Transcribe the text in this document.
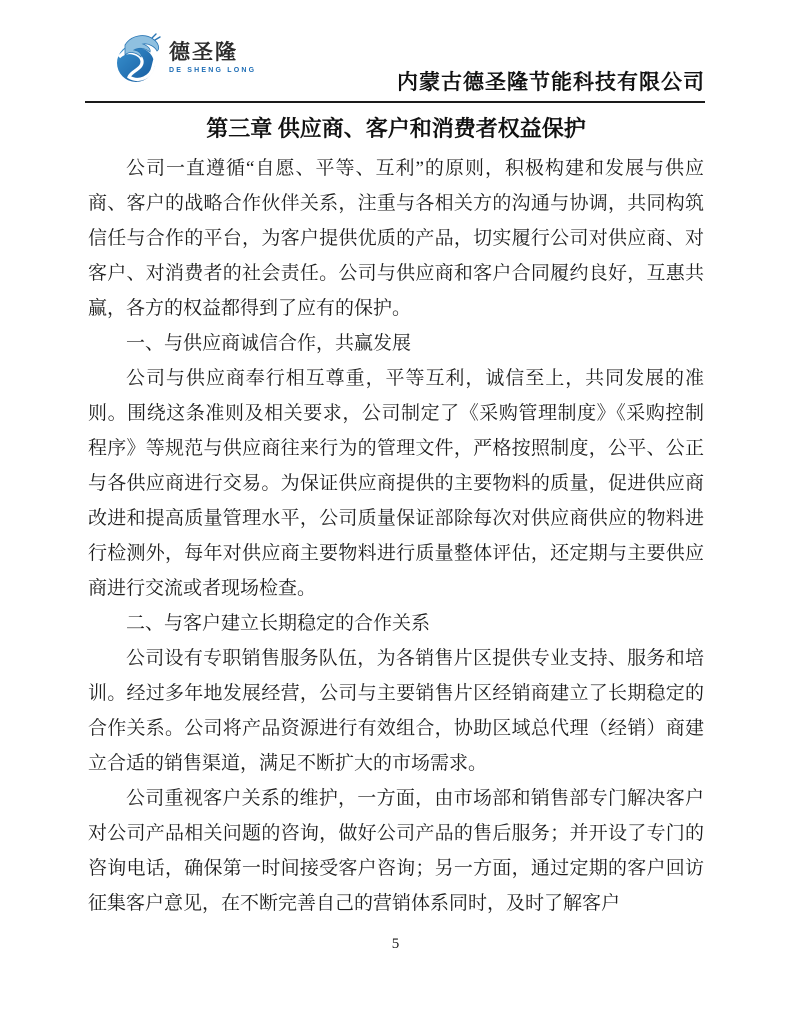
德圣隆
DE SHENG LONG	内蒙古德圣隆节能科技有限公司
第三章 供应商、客户和消费者权益保护

公司一直遵循“自愿、平等、互利”的原则，积极构建和发展与供应商、客户的战略合作伙伴关系，注重与各相关方的沟通与协调，共同构筑信任与合作的平台，为客户提供优质的产品，切实履行公司对供应商、对客户、对消费者的社会责任。公司与供应商和客户合同履约良好，互惠共赢，各方的权益都得到了应有的保护。

一、与供应商诚信合作，共赢发展

公司与供应商奉行相互尊重，平等互利，诚信至上，共同发展的准则。围绕这条准则及相关要求，公司制定了《采购管理制度》《采购控制程序》等规范与供应商往来行为的管理文件，严格按照制度，公平、公正与各供应商进行交易。为保证供应商提供的主要物料的质量，促进供应商改进和提高质量管理水平，公司质量保证部除每次对供应商供应的物料进行检测外，每年对供应商主要物料进行质量整体评估，还定期与主要供应商进行交流或者现场检查。

二、与客户建立长期稳定的合作关系

公司设有专职销售服务队伍，为各销售片区提供专业支持、服务和培训。经过多年地发展经营，公司与主要销售片区经销商建立了长期稳定的合作关系。公司将产品资源进行有效组合，协助区域总代理（经销）商建立合适的销售渠道，满足不断扩大的市场需求。

公司重视客户关系的维护，一方面，由市场部和销售部专门解决客户对公司产品相关问题的咨询，做好公司产品的售后服务；并开设了专门的咨询电话，确保第一时间接受客户咨询；另一方面，通过定期的客户回访征集客户意见，在不断完善自己的营销体系同时，及时了解客户

5
